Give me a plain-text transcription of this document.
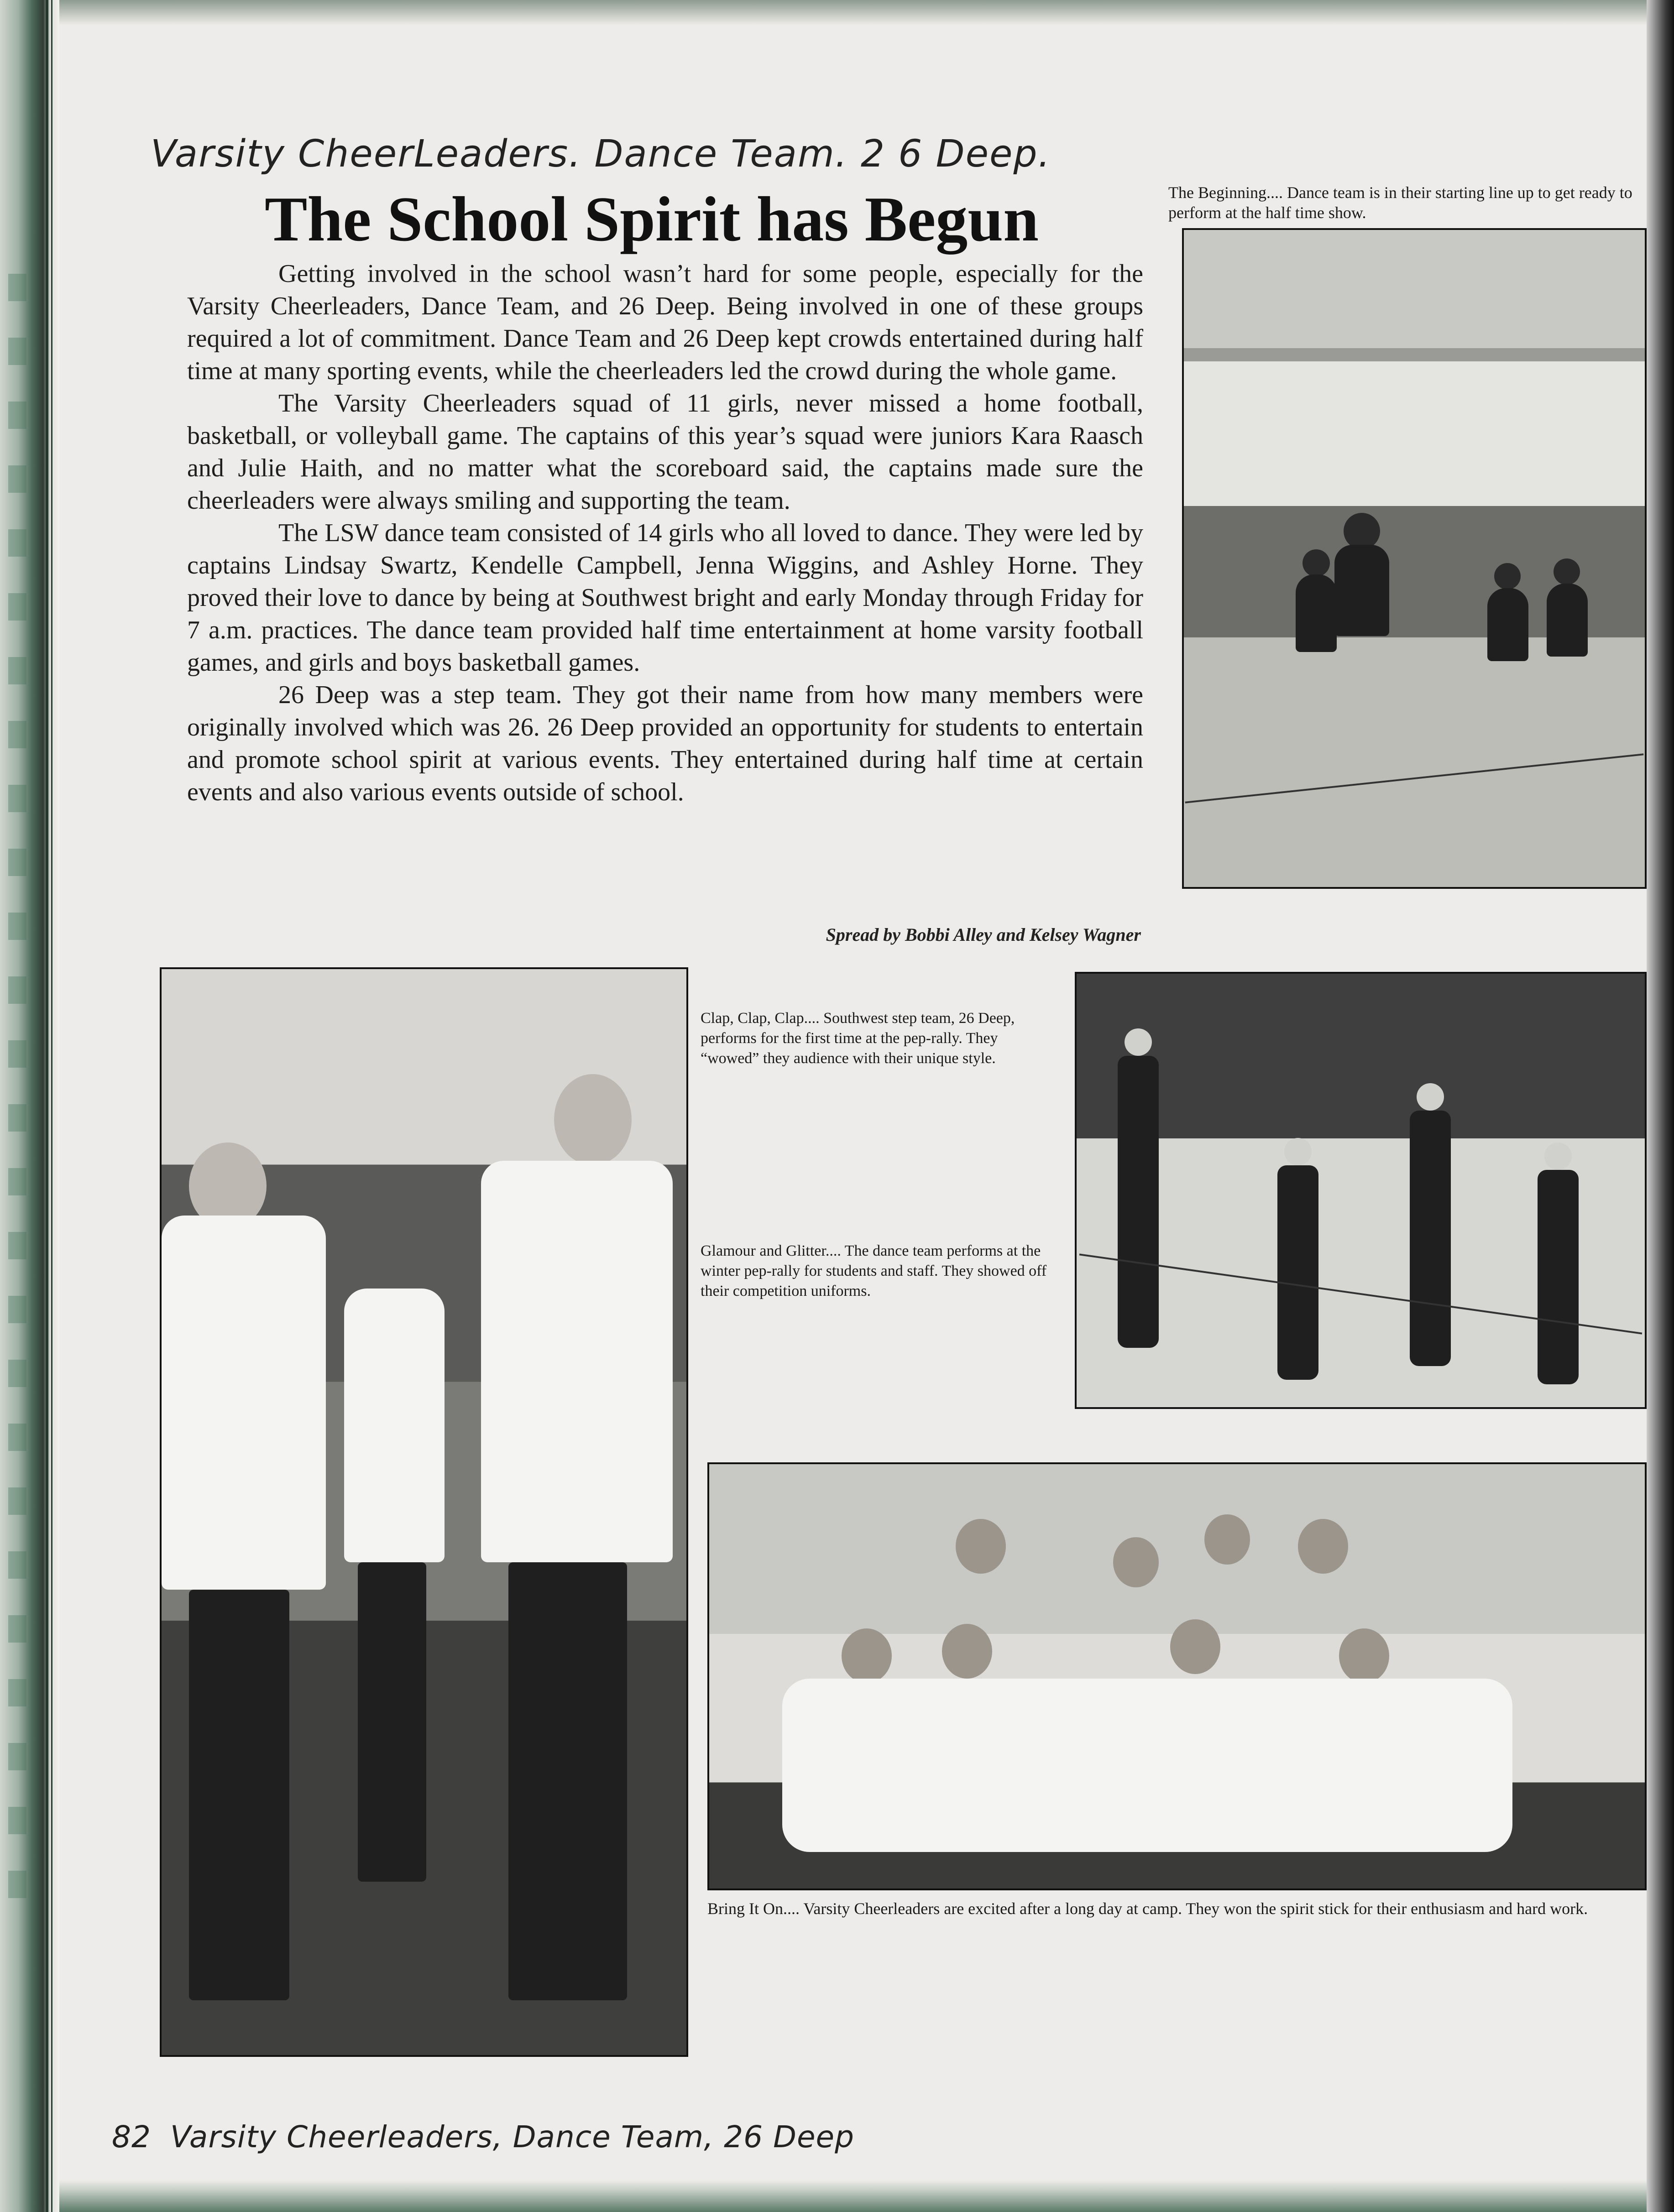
Varsity CheerLeaders. Dance Team. 2 6 Deep.
The School Spirit has Begun

Getting involved in the school wasn’t hard for some people, especially for the Varsity Cheerleaders, Dance Team, and 26 Deep. Being involved in one of these groups required a lot of commitment. Dance Team and 26 Deep kept crowds entertained during half time at many sporting events, while the cheerleaders led the crowd during the whole game.

The Varsity Cheerleaders squad of 11 girls, never missed a home football, basketball, or volleyball game. The captains of this year’s squad were juniors Kara Raasch and Julie Haith, and no matter what the scoreboard said, the captains made sure the cheerleaders were always smiling and supporting the team.

The LSW dance team consisted of 14 girls who all loved to dance. They were led by captains Lindsay Swartz, Kendelle Campbell, Jenna Wiggins, and Ashley Horne. They proved their love to dance by being at Southwest bright and early Monday through Friday for 7 a.m. practices. The dance team provided half time entertainment at home varsity football games, and girls and boys basketball games.

26 Deep was a step team. They got their name from how many members were originally involved which was 26. 26 Deep provided an opportunity for students to entertain and promote school spirit at various events. They entertained during half time at certain events and also various events outside of school.

Spread by Bobbi Alley and Kelsey Wagner
The Beginning.... Dance team is in their starting line up to get ready to perform at the half time show.
Clap, Clap, Clap.... Southwest step team, 26 Deep, performs for the first time at the pep-rally. They “wowed” they audience with their unique style.
Glamour and Glitter.... The dance team performs at the winter pep-rally for students and staff. They showed off their competition uniforms.
Bring It On.... Varsity Cheerleaders are excited after a long day at camp. They won the spirit stick for their enthusiasm and hard work.
82 Varsity Cheerleaders, Dance Team, 26 Deep
